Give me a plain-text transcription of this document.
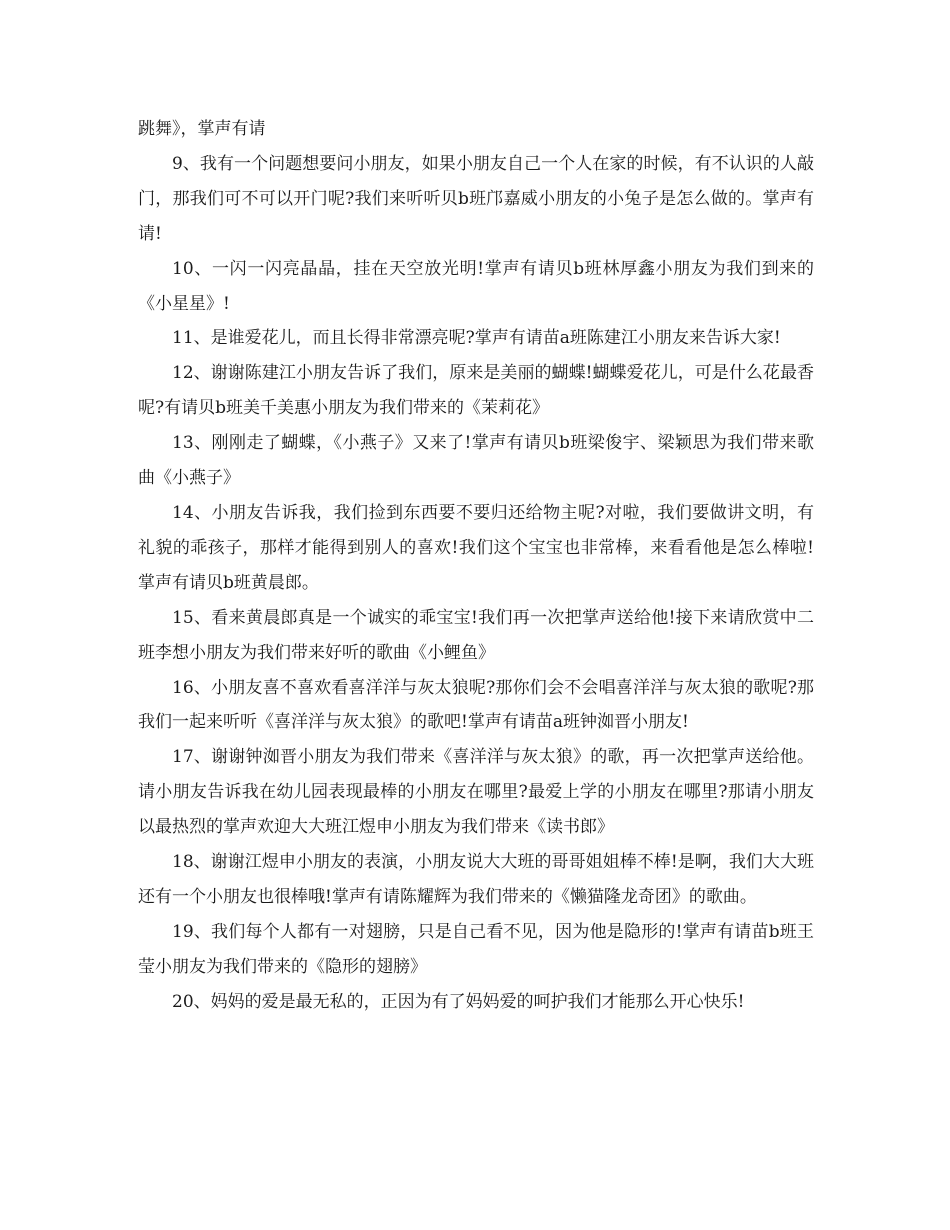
跳舞》，掌声有请

9、我有一个问题想要问小朋友，如果小朋友自己一个人在家的时候，有不认识的人敲门，那我们可不可以开门呢?我们来听听贝b班邝嘉威小朋友的小兔子是怎么做的。掌声有请!

10、一闪一闪亮晶晶，挂在天空放光明!掌声有请贝b班林厚鑫小朋友为我们到来的《小星星》!

11、是谁爱花儿，而且长得非常漂亮呢?掌声有请苗a班陈建江小朋友来告诉大家!

12、谢谢陈建江小朋友告诉了我们，原来是美丽的蝴蝶!蝴蝶爱花儿，可是什么花最香呢?有请贝b班美千美惠小朋友为我们带来的《茉莉花》

13、刚刚走了蝴蝶，《小燕子》又来了!掌声有请贝b班梁俊宇、梁颖思为我们带来歌曲《小燕子》

14、小朋友告诉我，我们捡到东西要不要归还给物主呢?对啦，我们要做讲文明，有礼貌的乖孩子，那样才能得到别人的喜欢!我们这个宝宝也非常棒，来看看他是怎么棒啦!掌声有请贝b班黄晨郎。

15、看来黄晨郎真是一个诚实的乖宝宝!我们再一次把掌声送给他!接下来请欣赏中二班李想小朋友为我们带来好听的歌曲《小鲤鱼》

16、小朋友喜不喜欢看喜洋洋与灰太狼呢?那你们会不会唱喜洋洋与灰太狼的歌呢?那我们一起来听听《喜洋洋与灰太狼》的歌吧!掌声有请苗a班钟洳晋小朋友!

17、谢谢钟洳晋小朋友为我们带来《喜洋洋与灰太狼》的歌，再一次把掌声送给他。请小朋友告诉我在幼儿园表现最棒的小朋友在哪里?最爱上学的小朋友在哪里?那请小朋友以最热烈的掌声欢迎大大班江煜申小朋友为我们带来《读书郎》

18、谢谢江煜申小朋友的表演，小朋友说大大班的哥哥姐姐棒不棒!是啊，我们大大班还有一个小朋友也很棒哦!掌声有请陈耀辉为我们带来的《懒猫隆龙奇团》的歌曲。

19、我们每个人都有一对翅膀，只是自己看不见，因为他是隐形的!掌声有请苗b班王莹小朋友为我们带来的《隐形的翅膀》

20、妈妈的爱是最无私的，正因为有了妈妈爱的呵护我们才能那么开心快乐!
